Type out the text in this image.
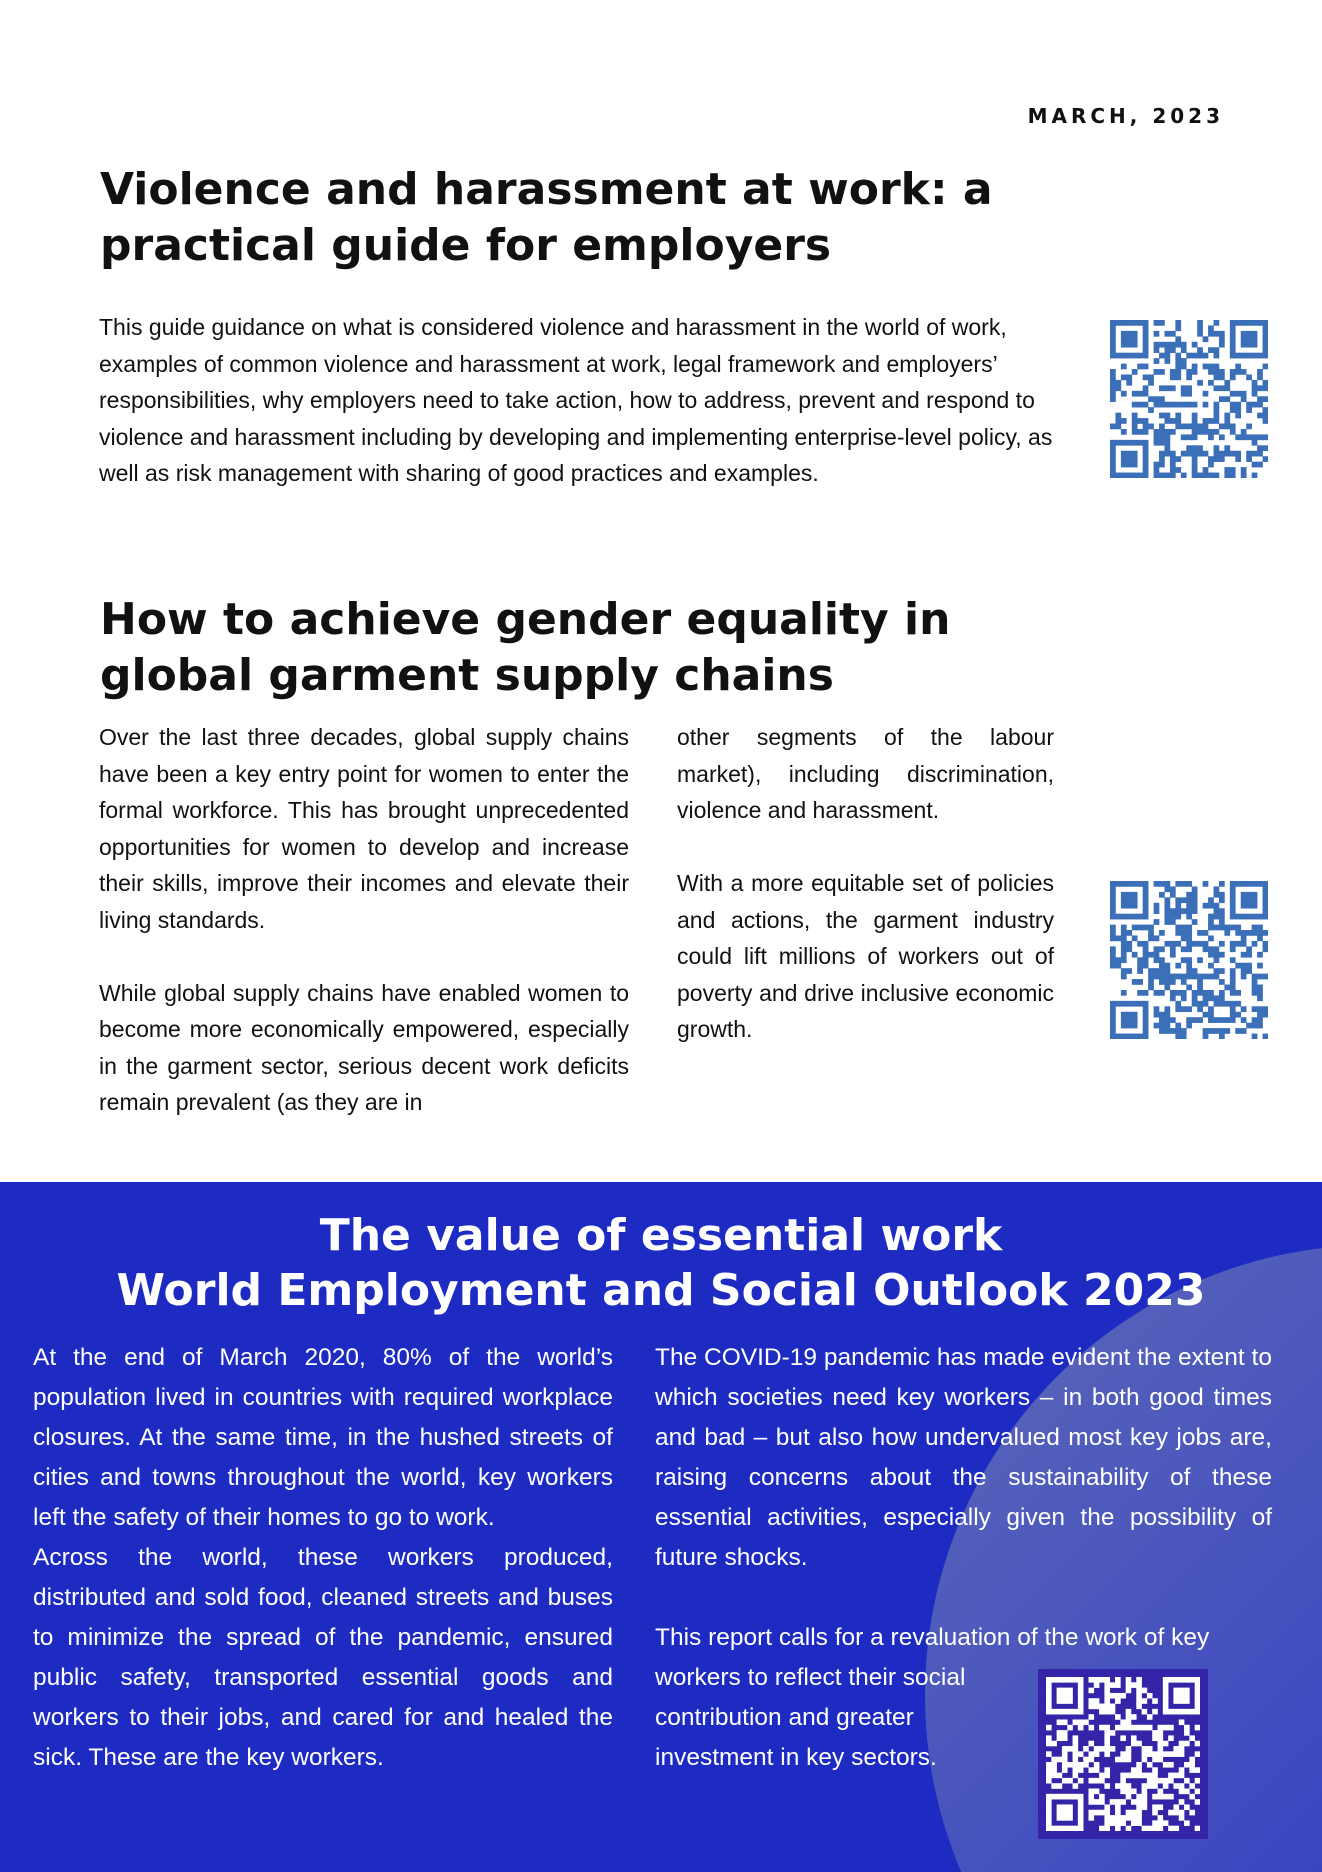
MARCH, 2023
Violence and harassment at work: a practical guide for employers

This guide guidance on what is considered violence and harassment in the world of work, examples of common violence and harassment at work, legal framework and employers’ responsibilities, why employers need to take action, how to address, prevent and respond to violence and harassment including by developing and implementing enterprise-level policy, as well as risk management with sharing of good practices and examples.

How to achieve gender equality in global garment supply chains

Over the last three decades, global supply chains have been a key entry point for women to enter the formal workforce. This has brought unprecedented opportunities for women to develop and increase their skills, improve their incomes and elevate their living standards.

While global supply chains have enabled women to become more economically empowered, especially in the garment sector, serious decent work deficits remain prevalent (as they are in

other segments of the labour market), including discrimination, violence and harassment.

With a more equitable set of policies and actions, the garment industry could lift millions of workers out of poverty and drive inclusive economic growth.

The value of essential work
World Employment and Social Outlook 2023

At the end of March 2020, 80% of the world’s population lived in countries with required workplace closures. At the same time, in the hushed streets of cities and towns throughout the world, key workers left the safety of their homes to go to work.

Across the world, these workers produced, distributed and sold food, cleaned streets and buses to minimize the spread of the pandemic, ensured public safety, transported essential goods and workers to their jobs, and cared for and healed the sick. These are the key workers.

The COVID-19 pandemic has made evident the extent to which societies need key workers – in both good times and bad – but also how undervalued most key jobs are, raising concerns about the sustainability of these essential activities, especially given the possibility of future shocks.

This report calls for a revaluation of the work of key

workers to reflect their social
contribution and greater
investment in key sectors.
